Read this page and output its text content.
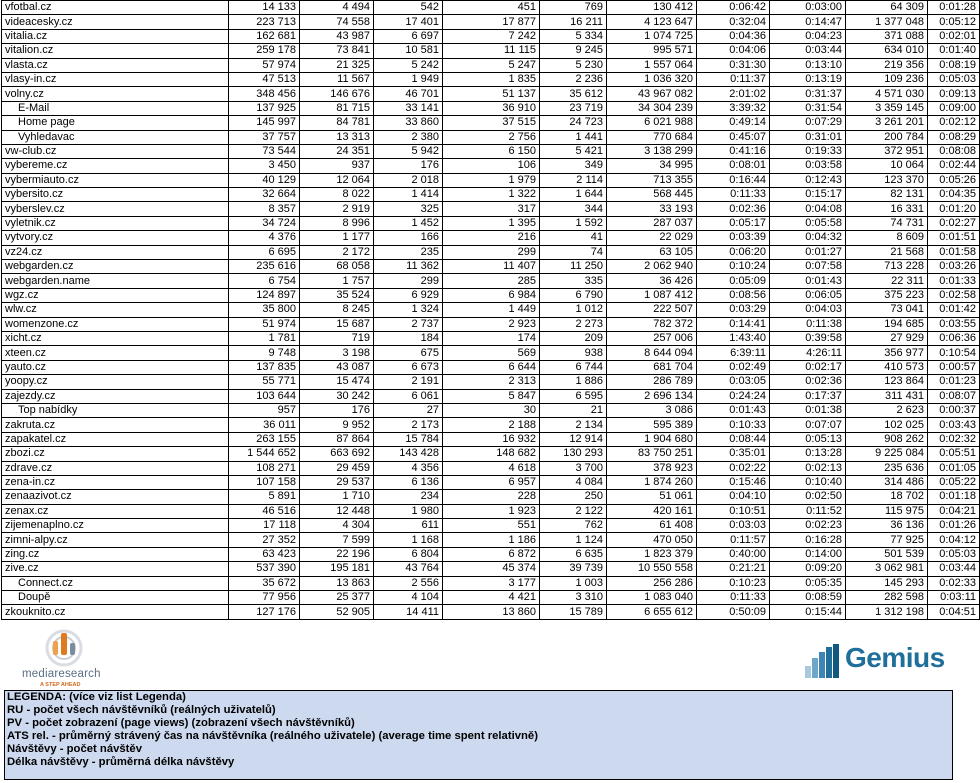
vfotbal.cz	14 133	4 494	542	451	769	130 412	0:06:42	0:03:00	64 309	0:01:28
videacesky.cz	223 713	74 558	17 401	17 877	16 211	4 123 647	0:32:04	0:14:47	1 377 048	0:05:12
vitalia.cz	162 681	43 987	6 697	7 242	5 334	1 074 725	0:04:36	0:04:23	371 088	0:02:01
vitalion.cz	259 178	73 841	10 581	11 115	9 245	995 571	0:04:06	0:03:44	634 010	0:01:40
vlasta.cz	57 974	21 325	5 242	5 247	5 230	1 557 064	0:31:30	0:13:10	219 356	0:08:19
vlasy-in.cz	47 513	11 567	1 949	1 835	2 236	1 036 320	0:11:37	0:13:19	109 236	0:05:03
volny.cz	348 456	146 676	46 701	51 137	35 612	43 967 082	2:01:02	0:31:37	4 571 030	0:09:13
E-Mail	137 925	81 715	33 141	36 910	23 719	34 304 239	3:39:32	0:31:54	3 359 145	0:09:00
Home page	145 997	84 781	33 860	37 515	24 723	6 021 988	0:49:14	0:07:29	3 261 201	0:02:12
Vyhledavac	37 757	13 313	2 380	2 756	1 441	770 684	0:45:07	0:31:01	200 784	0:08:29
vw-club.cz	73 544	24 351	5 942	6 150	5 421	3 138 299	0:41:16	0:19:33	372 951	0:08:08
vybereme.cz	3 450	937	176	106	349	34 995	0:08:01	0:03:58	10 064	0:02:44
vybermiauto.cz	40 129	12 064	2 018	1 979	2 114	713 355	0:16:44	0:12:43	123 370	0:05:26
vybersito.cz	32 664	8 022	1 414	1 322	1 644	568 445	0:11:33	0:15:17	82 131	0:04:35
vyberslev.cz	8 357	2 919	325	317	344	33 193	0:02:36	0:04:08	16 331	0:01:20
vyletnik.cz	34 724	8 996	1 452	1 395	1 592	287 037	0:05:17	0:05:58	74 731	0:02:27
vytvory.cz	4 376	1 177	166	216	41	22 029	0:03:39	0:04:32	8 609	0:01:51
vz24.cz	6 695	2 172	235	299	74	63 105	0:06:20	0:01:27	21 568	0:01:58
webgarden.cz	235 616	68 058	11 362	11 407	11 250	2 062 940	0:10:24	0:07:58	713 228	0:03:26
webgarden.name	6 754	1 757	299	285	335	36 426	0:05:09	0:01:43	22 311	0:01:33
wgz.cz	124 897	35 524	6 929	6 984	6 790	1 087 412	0:08:56	0:06:05	375 223	0:02:58
wlw.cz	35 800	8 245	1 324	1 449	1 012	222 507	0:03:29	0:04:03	73 041	0:01:42
womenzone.cz	51 974	15 687	2 737	2 923	2 273	782 372	0:14:41	0:11:38	194 685	0:03:55
xicht.cz	1 781	719	184	174	209	257 006	1:43:40	0:39:58	27 929	0:06:36
xteen.cz	9 748	3 198	675	569	938	8 644 094	6:39:11	4:26:11	356 977	0:10:54
yauto.cz	137 835	43 087	6 673	6 644	6 744	681 704	0:02:49	0:02:17	410 573	0:00:57
yoopy.cz	55 771	15 474	2 191	2 313	1 886	286 789	0:03:05	0:02:36	123 864	0:01:23
zajezdy.cz	103 644	30 242	6 061	5 847	6 595	2 696 134	0:24:24	0:17:37	311 431	0:08:07
Top nabídky	957	176	27	30	21	3 086	0:01:43	0:01:38	2 623	0:00:37
zakruta.cz	36 011	9 952	2 173	2 188	2 134	595 389	0:10:33	0:07:07	102 025	0:03:43
zapakatel.cz	263 155	87 864	15 784	16 932	12 914	1 904 680	0:08:44	0:05:13	908 262	0:02:32
zbozi.cz	1 544 652	663 692	143 428	148 682	130 293	83 750 251	0:35:01	0:13:28	9 225 084	0:05:51
zdrave.cz	108 271	29 459	4 356	4 618	3 700	378 923	0:02:22	0:02:13	235 636	0:01:05
zena-in.cz	107 158	29 537	6 136	6 957	4 084	1 874 260	0:15:46	0:10:40	314 486	0:05:22
zenaazivot.cz	5 891	1 710	234	228	250	51 061	0:04:10	0:02:50	18 702	0:01:18
zenax.cz	46 516	12 448	1 980	1 923	2 122	420 161	0:10:51	0:11:52	115 975	0:04:21
zijemenaplno.cz	17 118	4 304	611	551	762	61 408	0:03:03	0:02:23	36 136	0:01:26
zimni-alpy.cz	27 352	7 599	1 168	1 186	1 124	470 050	0:11:57	0:16:28	77 925	0:04:12
zing.cz	63 423	22 196	6 804	6 872	6 635	1 823 379	0:40:00	0:14:00	501 539	0:05:03
zive.cz	537 390	195 181	43 764	45 374	39 739	10 550 558	0:21:21	0:09:20	3 062 981	0:03:44
Connect.cz	35 672	13 863	2 556	3 177	1 003	256 286	0:10:23	0:05:35	145 293	0:02:33
Doupě	77 956	25 377	4 104	4 421	3 310	1 083 040	0:11:33	0:08:59	282 598	0:03:11
zkouknito.cz	127 176	52 905	14 411	13 860	15 789	6 655 612	0:50:09	0:15:44	1 312 198	0:04:51
mediaresearch
A STEP AHEAD
Gemius
LEGENDA: (více viz list Legenda)
RU - počet všech návštěvníků (reálných uživatelů)
PV - počet zobrazení (page views) (zobrazení všech návštěvníků)
ATS rel. - průměrný strávený čas na návštěvníka (reálného uživatele) (average time spent relativně)
Návštěvy - počet návštěv
Délka návštěvy - průměrná délka návštěvy
